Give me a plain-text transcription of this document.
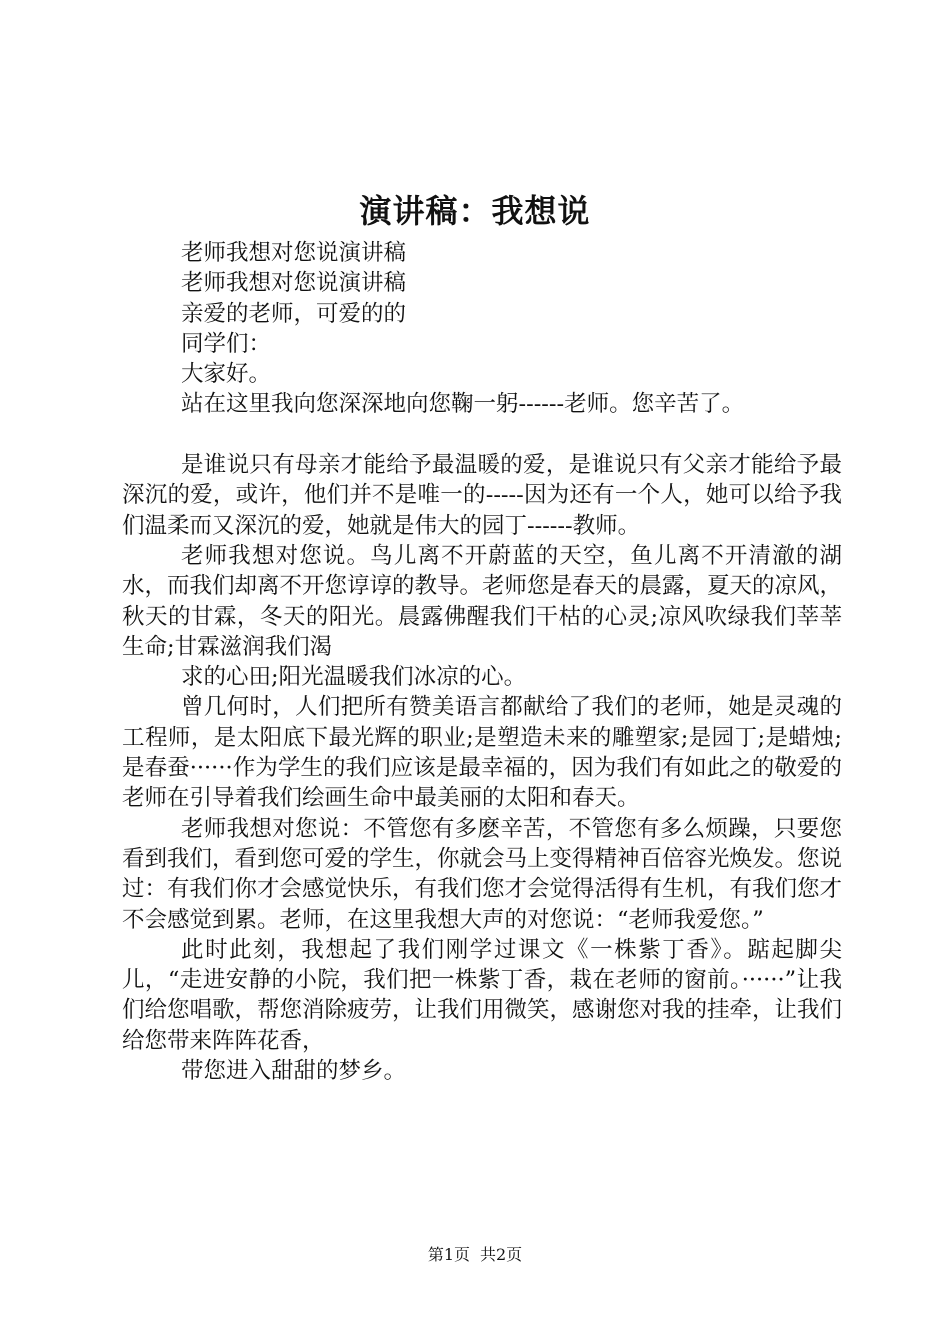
演讲稿：我想说

老师我想对您说演讲稿

老师我想对您说演讲稿

亲爱的老师，可爱的的

同学们：

大家好。

站在这里我向您深深地向您鞠一躬------老师。您辛苦了。

是谁说只有母亲才能给予最温暖的爱，是谁说只有父亲才能给予最深沉的爱，或许，他们并不是唯一的-----因为还有一个人，她可以给予我们温柔而又深沉的爱，她就是伟大的园丁------教师。

老师我想对您说。鸟儿离不开蔚蓝的天空，鱼儿离不开清澈的湖水，而我们却离不开您谆谆的教导。老师您是春天的晨露，夏天的凉风，秋天的甘霖，冬天的阳光。晨露佛醒我们干枯的心灵;凉风吹绿我们莘莘生命;甘霖滋润我们渴

求的心田;阳光温暖我们冰凉的心。

曾几何时，人们把所有赞美语言都献给了我们的老师，她是灵魂的工程师，是太阳底下最光辉的职业;是塑造未来的雕塑家;是园丁;是蜡烛;是春蚕······作为学生的我们应该是最幸福的，因为我们有如此之的敬爱的老师在引导着我们绘画生命中最美丽的太阳和春天。

老师我想对您说：不管您有多麽辛苦，不管您有多么烦躁，只要您看到我们，看到您可爱的学生，你就会马上变得精神百倍容光焕发。您说过：有我们你才会感觉快乐，有我们您才会觉得活得有生机，有我们您才不会感觉到累。老师，在这里我想大声的对您说：“老师我爱您。”

此时此刻，我想起了我们刚学过课文《一株紫丁香》。踮起脚尖儿，“走进安静的小院，我们把一株紫丁香，栽在老师的窗前。······”让我们给您唱歌，帮您消除疲劳，让我们用微笑，感谢您对我的挂牵，让我们给您带来阵阵花香，

带您进入甜甜的梦乡。

第1页 共2页
